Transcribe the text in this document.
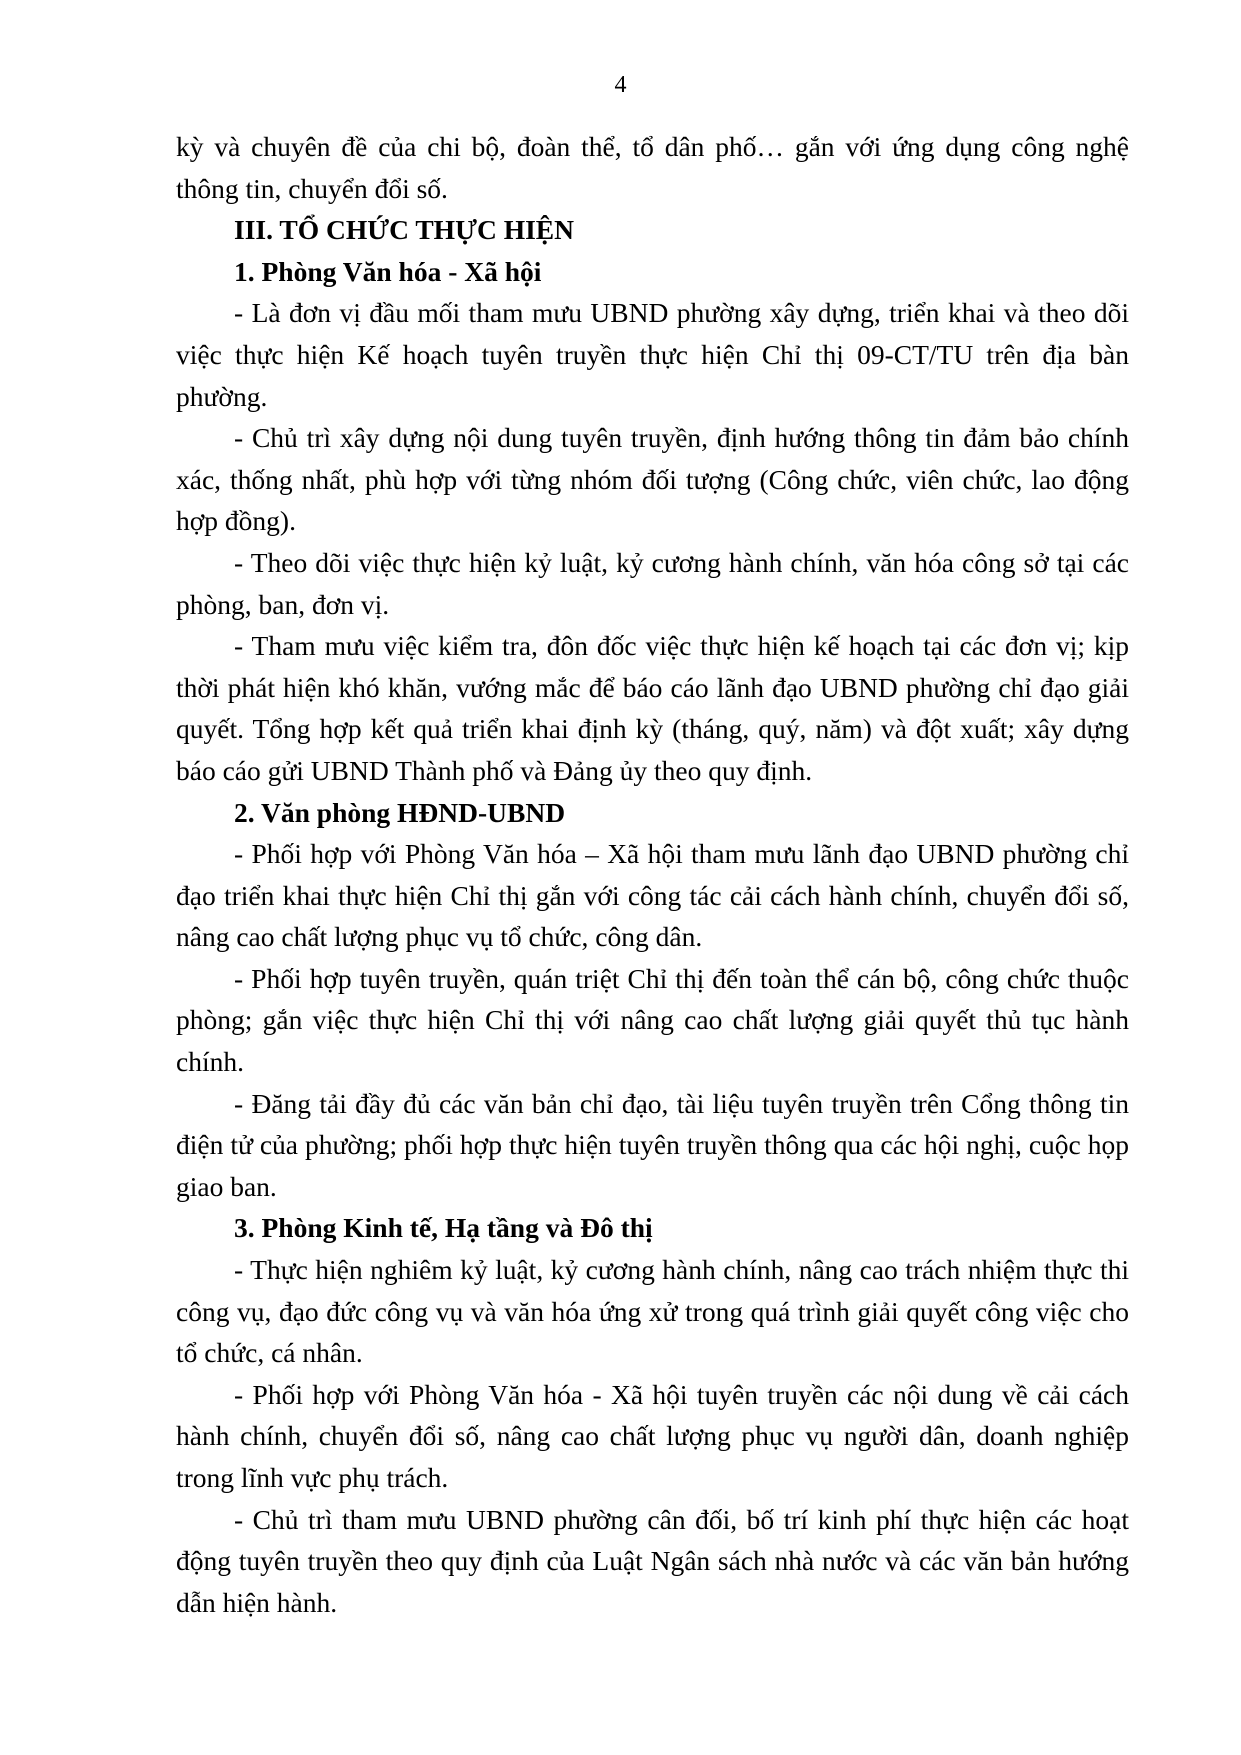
4

kỳ và chuyên đề của chi bộ, đoàn thể, tổ dân phố… gắn với ứng dụng công nghệ thông tin, chuyển đổi số.

III. TỔ CHỨC THỰC HIỆN
1. Phòng Văn hóa - Xã hội

- Là đơn vị đầu mối tham mưu UBND phường xây dựng, triển khai và theo dõi việc thực hiện Kế hoạch tuyên truyền thực hiện Chỉ thị 09-CT/TU trên địa bàn phường.

- Chủ trì xây dựng nội dung tuyên truyền, định hướng thông tin đảm bảo chính xác, thống nhất, phù hợp với từng nhóm đối tượng (Công chức, viên chức, lao động hợp đồng).

- Theo dõi việc thực hiện kỷ luật, kỷ cương hành chính, văn hóa công sở tại các phòng, ban, đơn vị.

- Tham mưu việc kiểm tra, đôn đốc việc thực hiện kế hoạch tại các đơn vị; kịp thời phát hiện khó khăn, vướng mắc để báo cáo lãnh đạo UBND phường chỉ đạo giải quyết. Tổng hợp kết quả triển khai định kỳ (tháng, quý, năm) và đột xuất; xây dựng báo cáo gửi UBND Thành phố và Đảng ủy theo quy định.

2. Văn phòng HĐND-UBND

- Phối hợp với Phòng Văn hóa – Xã hội tham mưu lãnh đạo UBND phường chỉ đạo triển khai thực hiện Chỉ thị gắn với công tác cải cách hành chính, chuyển đổi số, nâng cao chất lượng phục vụ tổ chức, công dân.

- Phối hợp tuyên truyền, quán triệt Chỉ thị đến toàn thể cán bộ, công chức thuộc phòng; gắn việc thực hiện Chỉ thị với nâng cao chất lượng giải quyết thủ tục hành chính.

- Đăng tải đầy đủ các văn bản chỉ đạo, tài liệu tuyên truyền trên Cổng thông tin điện tử của phường; phối hợp thực hiện tuyên truyền thông qua các hội nghị, cuộc họp giao ban.

3. Phòng Kinh tế, Hạ tầng và Đô thị

- Thực hiện nghiêm kỷ luật, kỷ cương hành chính, nâng cao trách nhiệm thực thi công vụ, đạo đức công vụ và văn hóa ứng xử trong quá trình giải quyết công việc cho tổ chức, cá nhân.

- Phối hợp với Phòng Văn hóa - Xã hội tuyên truyền các nội dung về cải cách hành chính, chuyển đổi số, nâng cao chất lượng phục vụ người dân, doanh nghiệp trong lĩnh vực phụ trách.

- Chủ trì tham mưu UBND phường cân đối, bố trí kinh phí thực hiện các hoạt động tuyên truyền theo quy định của Luật Ngân sách nhà nước và các văn bản hướng dẫn hiện hành.
